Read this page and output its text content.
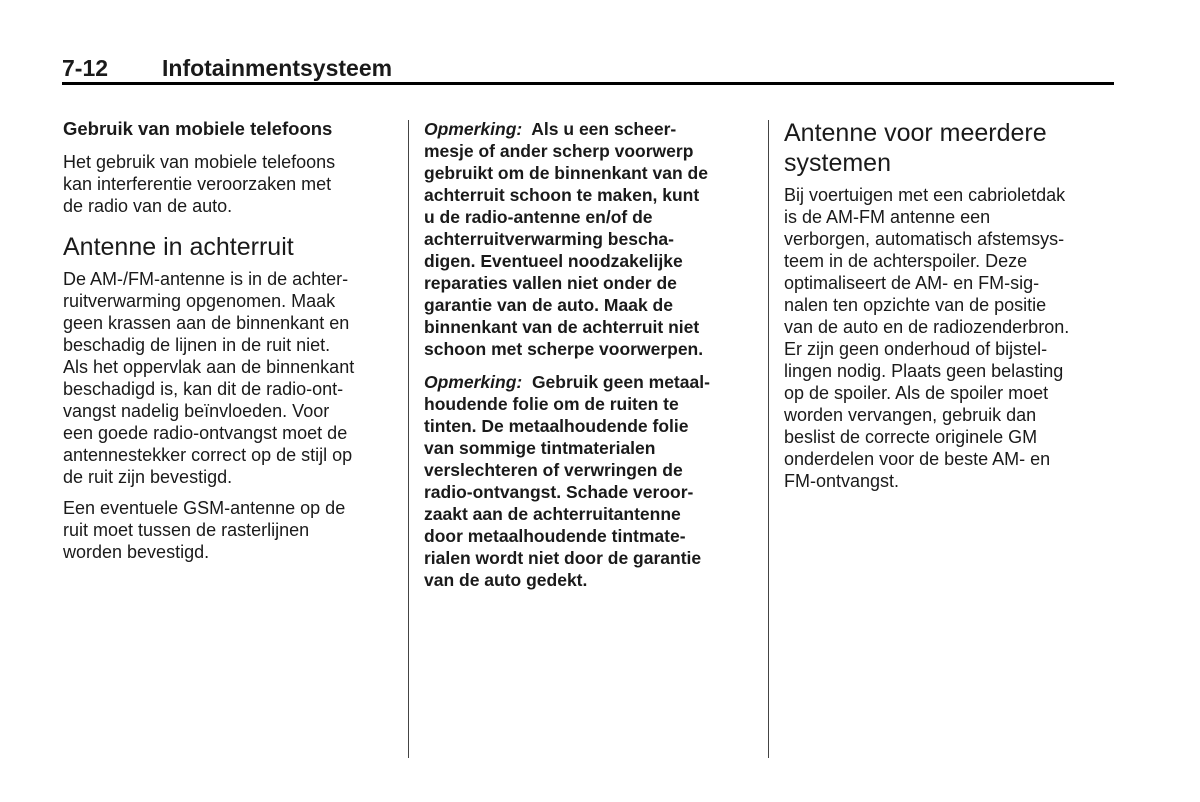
7-12 Infotainmentsysteem

Gebruik van mobiele telefoons

Het gebruik van mobiele telefoons
kan interferentie veroorzaken met
de radio van de auto.
Antenne in achterruit
De AM-/FM-antenne is in de achter-
ruitverwarming opgenomen. Maak
geen krassen aan de binnenkant en
beschadig de lijnen in de ruit niet.
Als het oppervlak aan de binnenkant
beschadigd is, kan dit de radio-ont-
vangst nadelig beïnvloeden. Voor
een goede radio-ontvangst moet de
antennestekker correct op de stijl op
de ruit zijn bevestigd.
Een eventuele GSM-antenne op de
ruit moet tussen de rasterlijnen
worden bevestigd.
Opmerking:  Als u een scheer-
mesje of ander scherp voorwerp
gebruikt om de binnenkant van de
achterruit schoon te maken, kunt
u de radio-antenne en/of de
achterruitverwarming bescha-
digen. Eventueel noodzakelijke
reparaties vallen niet onder de
garantie van de auto. Maak de
binnenkant van de achterruit niet
schoon met scherpe voorwerpen.
Opmerking:  Gebruik geen metaal-
houdende folie om de ruiten te
tinten. De metaalhoudende folie
van sommige tintmaterialen
verslechteren of verwringen de
radio-ontvangst. Schade veroor-
zaakt aan de achterruitantenne
door metaalhoudende tintmate-
rialen wordt niet door de garantie
van de auto gedekt.
Antenne voor meerdere
systemen
Bij voertuigen met een cabrioletdak
is de AM-FM antenne een
verborgen, automatisch afstemsys-
teem in de achterspoiler. Deze
optimaliseert de AM- en FM-sig-
nalen ten opzichte van de positie
van de auto en de radiozenderbron.
Er zijn geen onderhoud of bijstel-
lingen nodig. Plaats geen belasting
op de spoiler. Als de spoiler moet
worden vervangen, gebruik dan
beslist de correcte originele GM
onderdelen voor de beste AM- en
FM-ontvangst.
